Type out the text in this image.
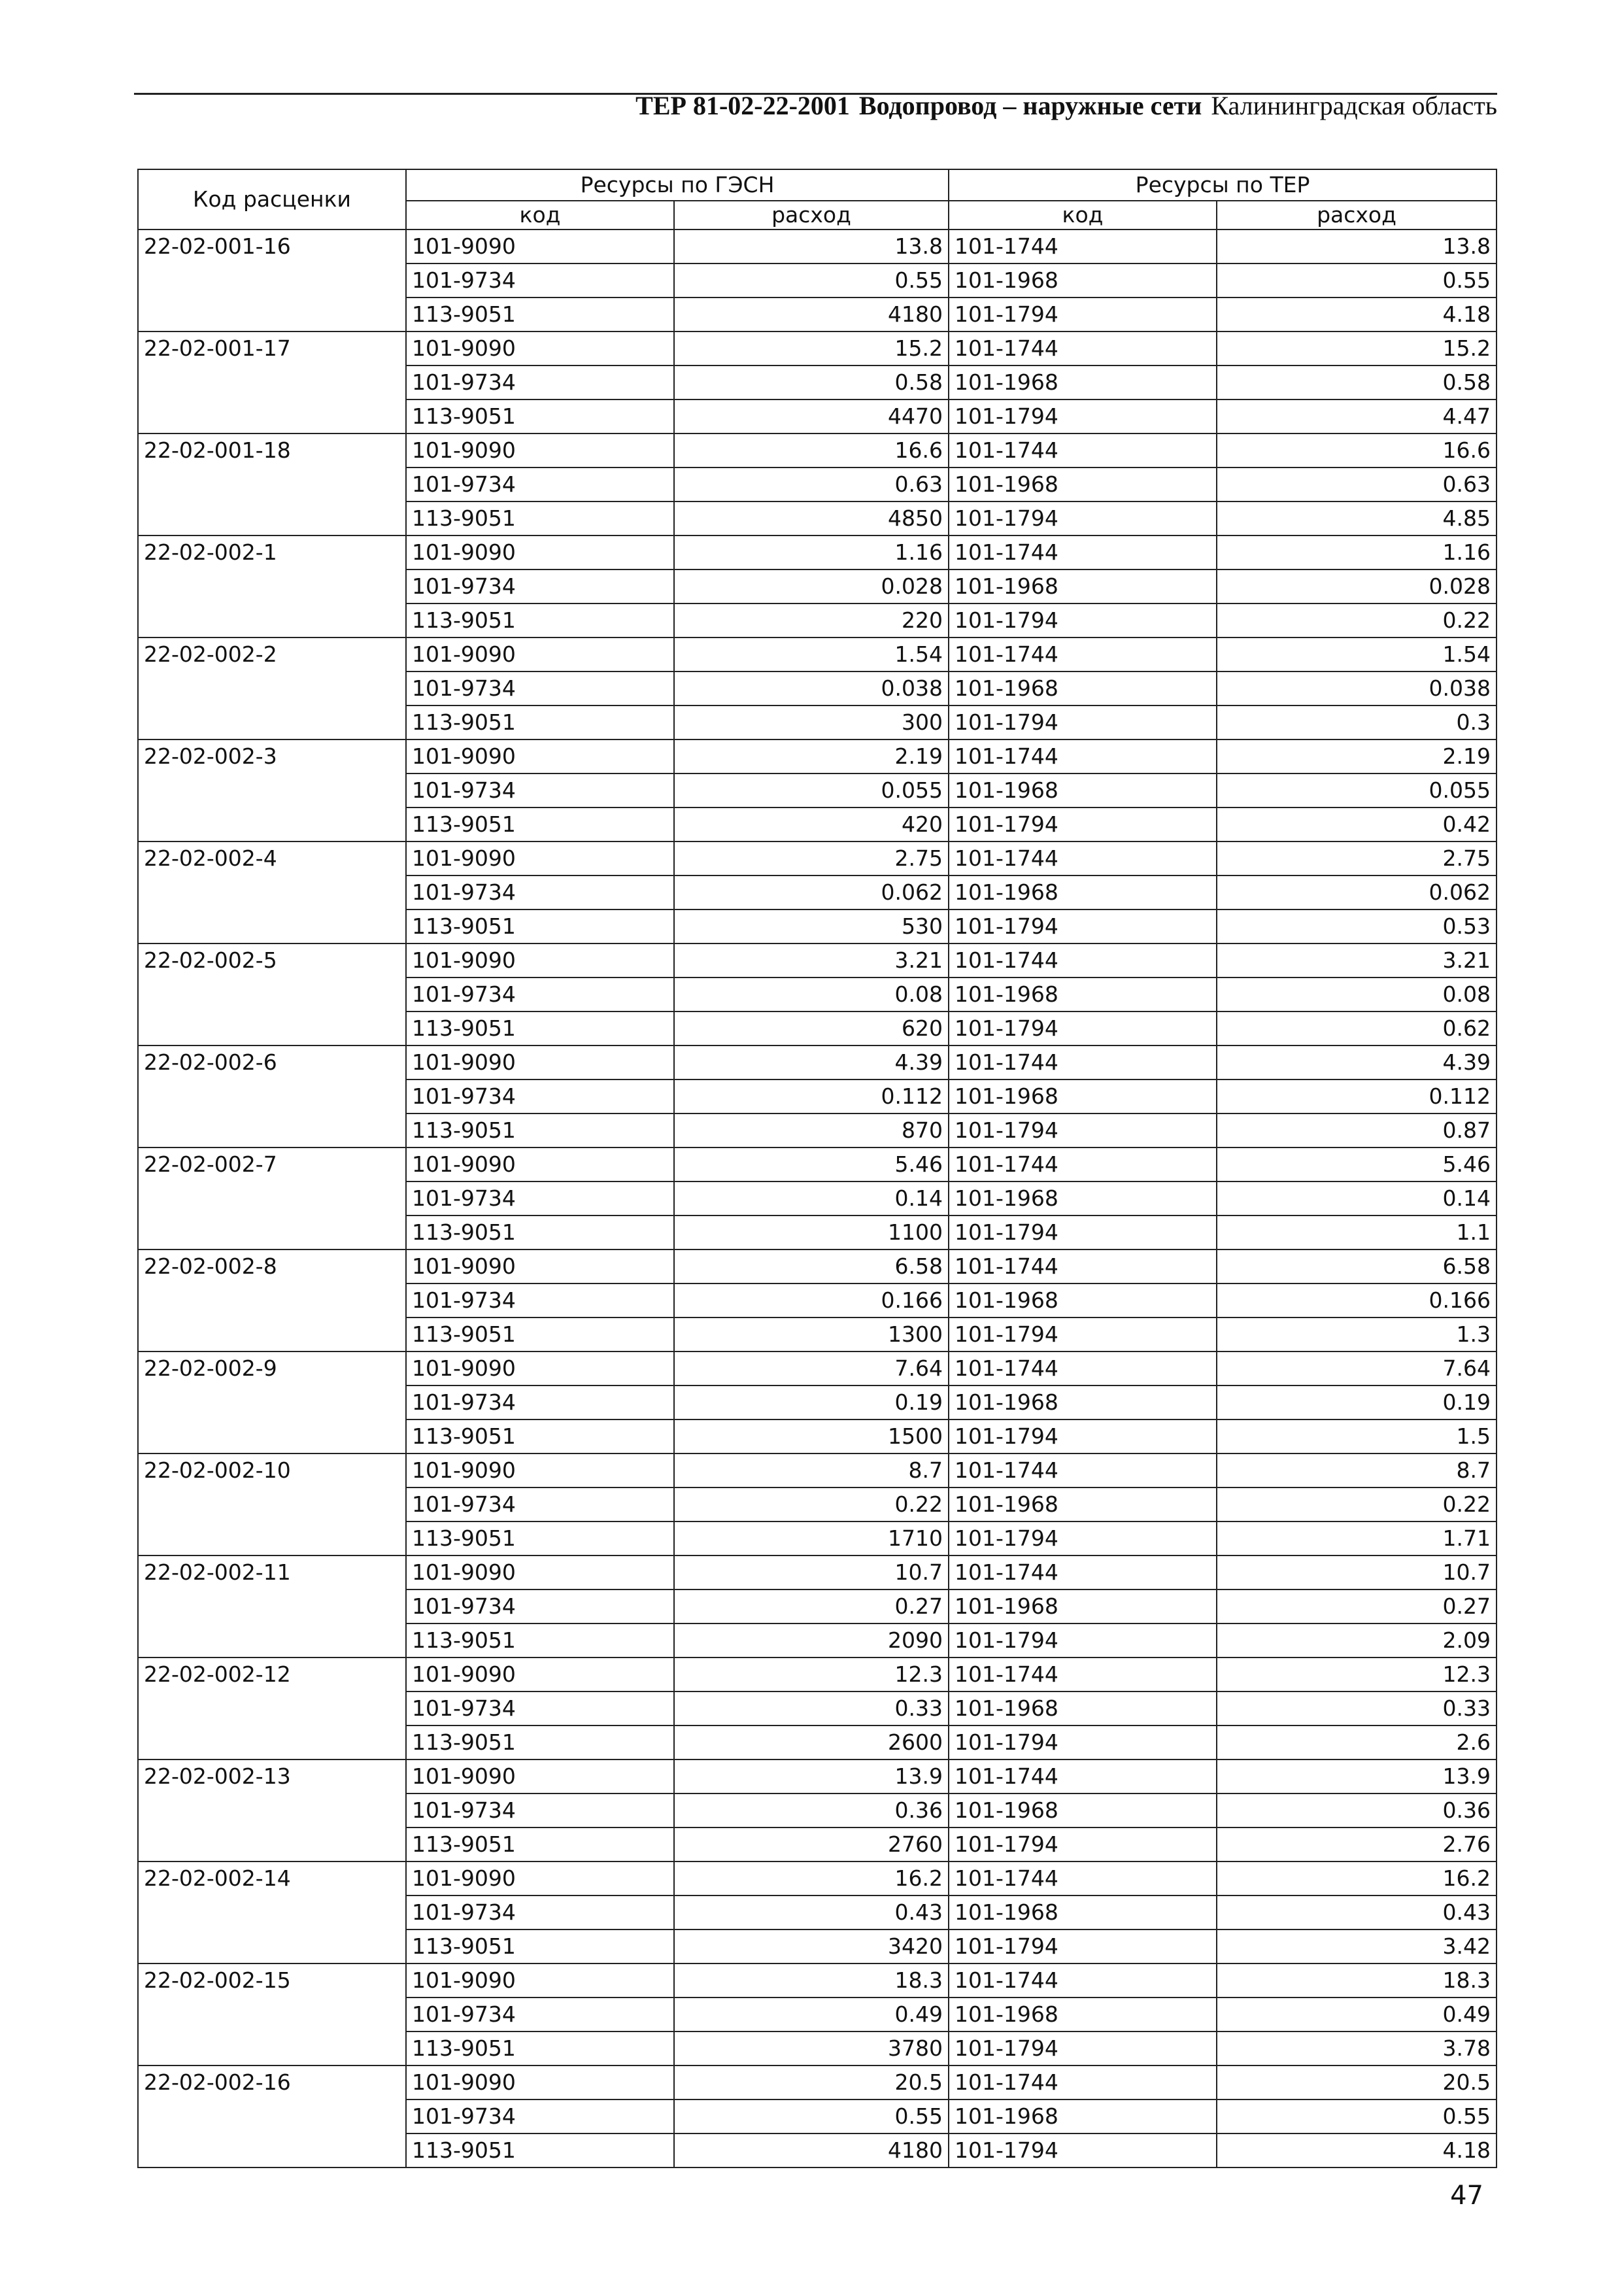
ТЕР 81-02-22-2001 Водопровод – наружные сети Калининградская область
Код расценки	Ресурсы по ГЭСН		Ресурсы по ТЕР	
	код	расход	код	расход
22-02-001-16	101-9090	13.8	101-1744	13.8
	101-9734	0.55	101-1968	0.55
	113-9051	4180	101-1794	4.18
22-02-001-17	101-9090	15.2	101-1744	15.2
	101-9734	0.58	101-1968	0.58
	113-9051	4470	101-1794	4.47
22-02-001-18	101-9090	16.6	101-1744	16.6
	101-9734	0.63	101-1968	0.63
	113-9051	4850	101-1794	4.85
22-02-002-1	101-9090	1.16	101-1744	1.16
	101-9734	0.028	101-1968	0.028
	113-9051	220	101-1794	0.22
22-02-002-2	101-9090	1.54	101-1744	1.54
	101-9734	0.038	101-1968	0.038
	113-9051	300	101-1794	0.3
22-02-002-3	101-9090	2.19	101-1744	2.19
	101-9734	0.055	101-1968	0.055
	113-9051	420	101-1794	0.42
22-02-002-4	101-9090	2.75	101-1744	2.75
	101-9734	0.062	101-1968	0.062
	113-9051	530	101-1794	0.53
22-02-002-5	101-9090	3.21	101-1744	3.21
	101-9734	0.08	101-1968	0.08
	113-9051	620	101-1794	0.62
22-02-002-6	101-9090	4.39	101-1744	4.39
	101-9734	0.112	101-1968	0.112
	113-9051	870	101-1794	0.87
22-02-002-7	101-9090	5.46	101-1744	5.46
	101-9734	0.14	101-1968	0.14
	113-9051	1100	101-1794	1.1
22-02-002-8	101-9090	6.58	101-1744	6.58
	101-9734	0.166	101-1968	0.166
	113-9051	1300	101-1794	1.3
22-02-002-9	101-9090	7.64	101-1744	7.64
	101-9734	0.19	101-1968	0.19
	113-9051	1500	101-1794	1.5
22-02-002-10	101-9090	8.7	101-1744	8.7
	101-9734	0.22	101-1968	0.22
	113-9051	1710	101-1794	1.71
22-02-002-11	101-9090	10.7	101-1744	10.7
	101-9734	0.27	101-1968	0.27
	113-9051	2090	101-1794	2.09
22-02-002-12	101-9090	12.3	101-1744	12.3
	101-9734	0.33	101-1968	0.33
	113-9051	2600	101-1794	2.6
22-02-002-13	101-9090	13.9	101-1744	13.9
	101-9734	0.36	101-1968	0.36
	113-9051	2760	101-1794	2.76
22-02-002-14	101-9090	16.2	101-1744	16.2
	101-9734	0.43	101-1968	0.43
	113-9051	3420	101-1794	3.42
22-02-002-15	101-9090	18.3	101-1744	18.3
	101-9734	0.49	101-1968	0.49
	113-9051	3780	101-1794	3.78
22-02-002-16	101-9090	20.5	101-1744	20.5
	101-9734	0.55	101-1968	0.55
	113-9051	4180	101-1794	4.18
47
